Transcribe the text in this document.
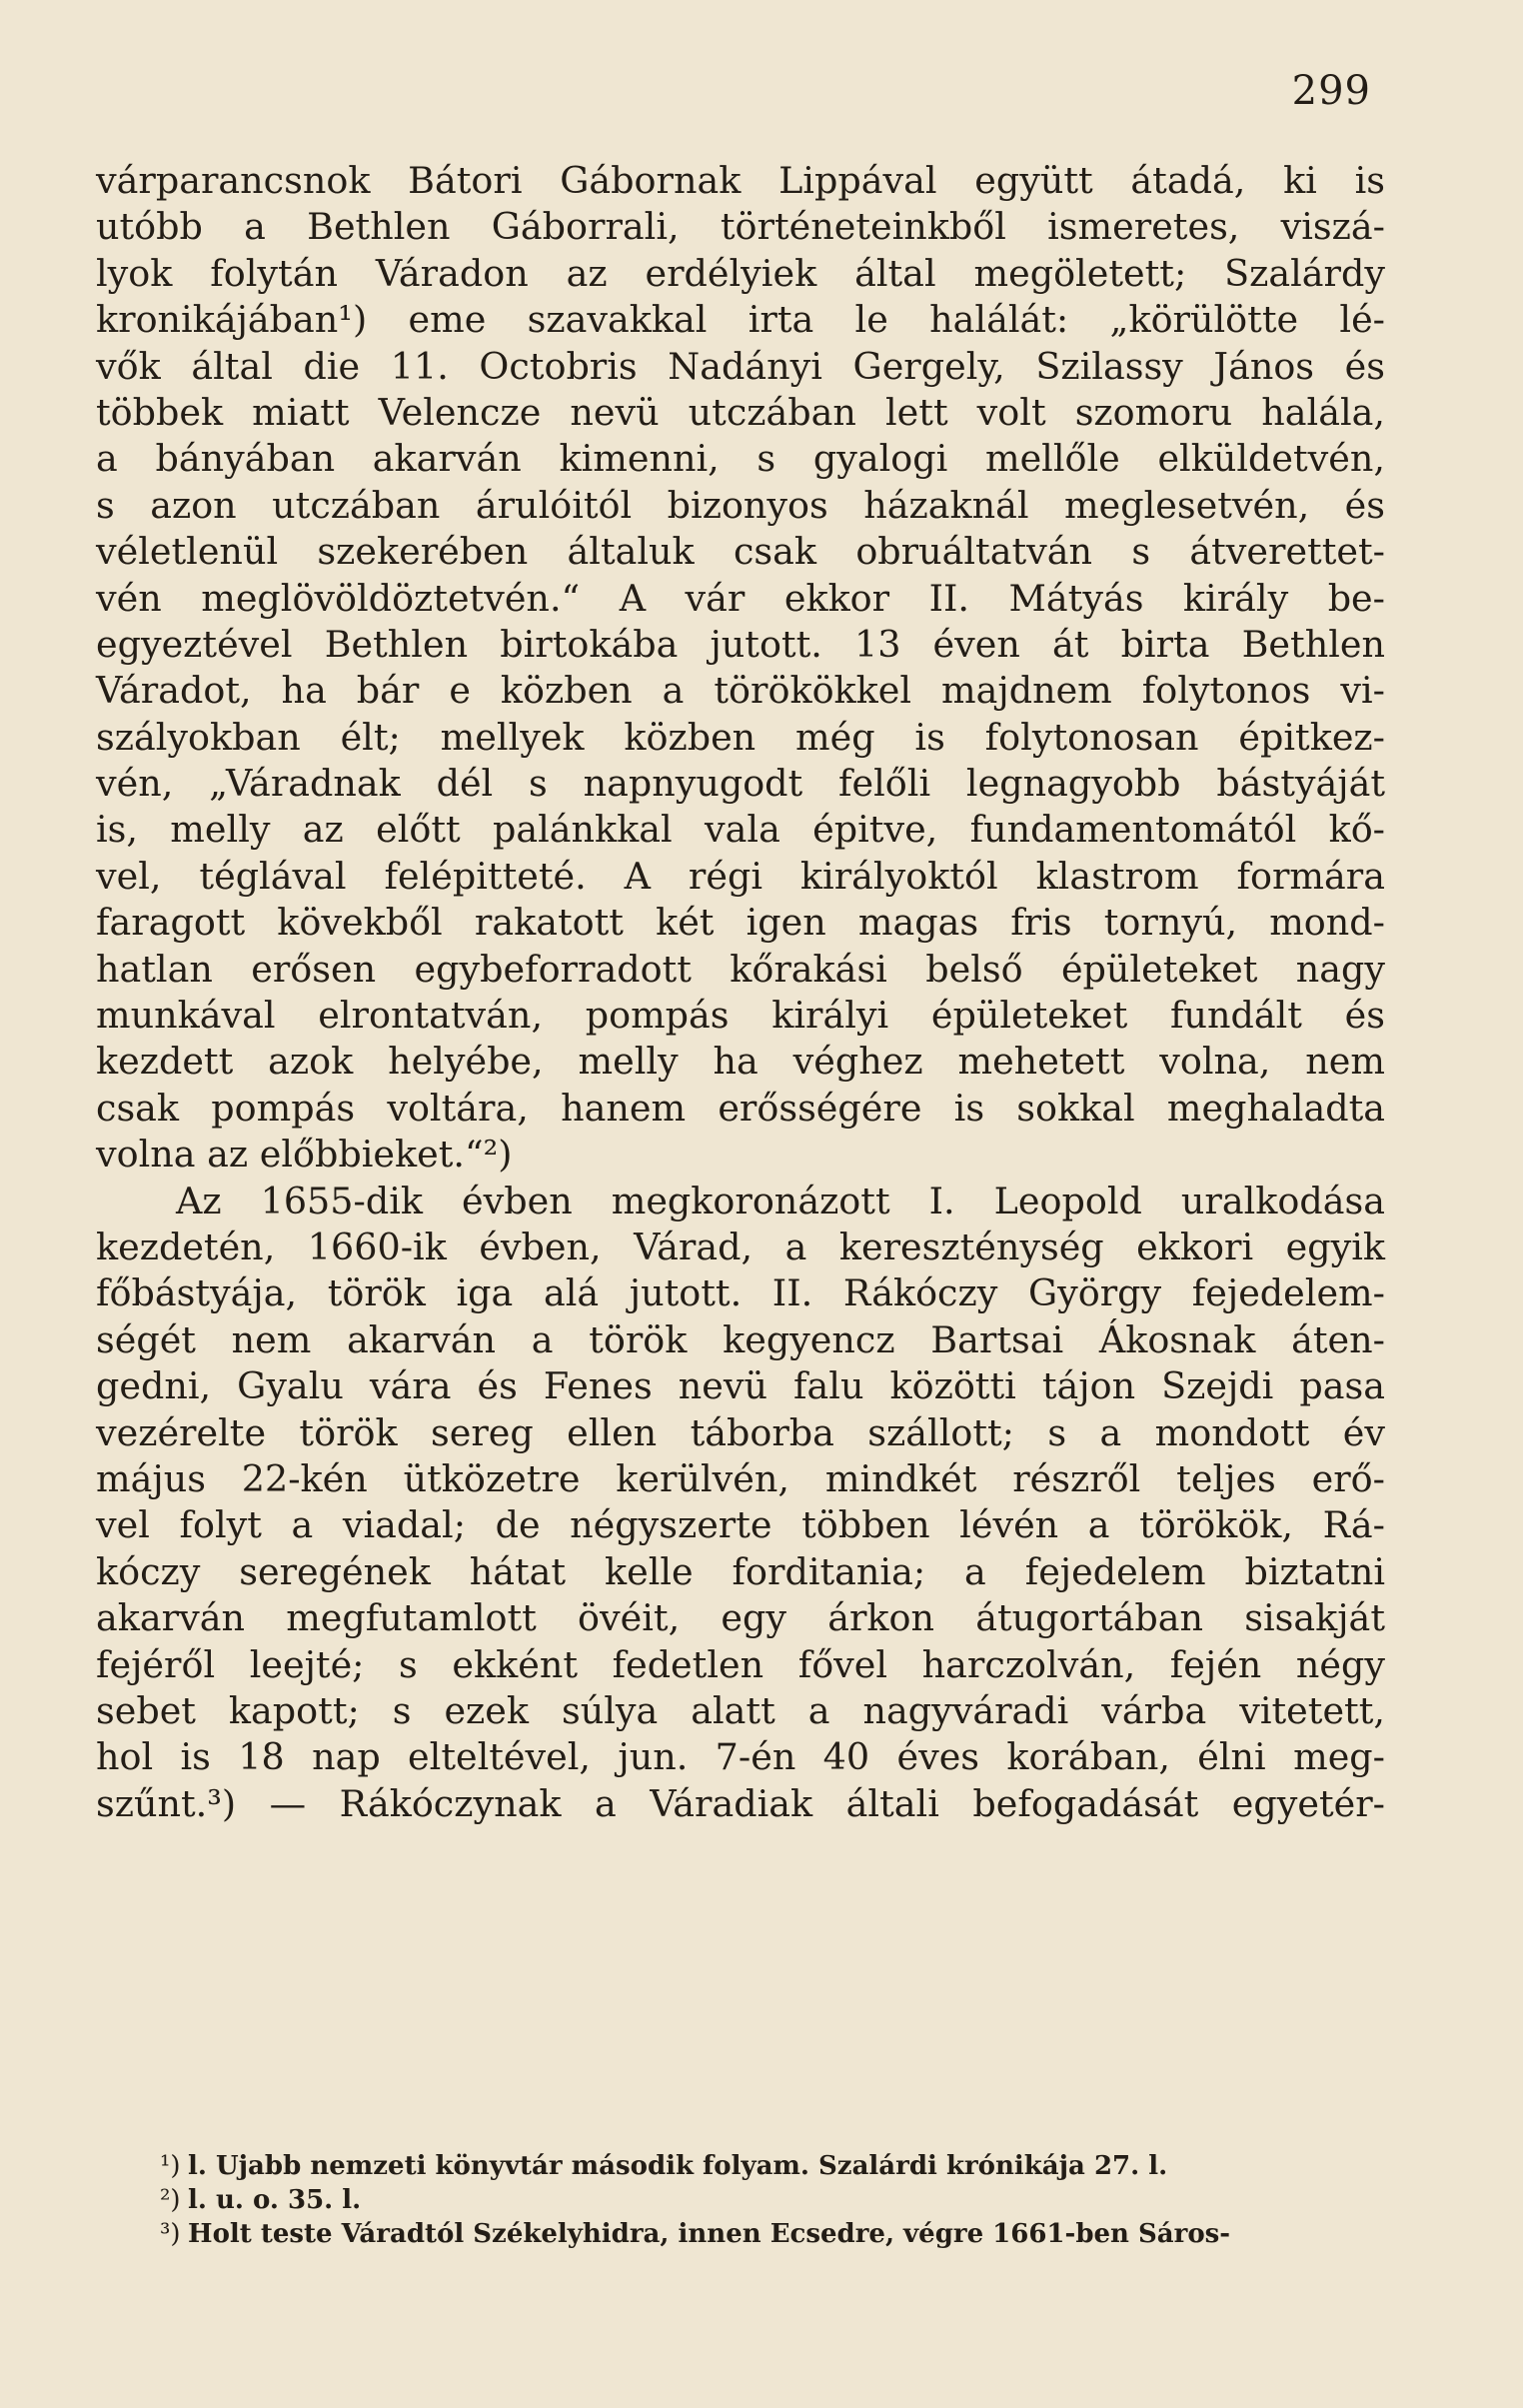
299
várparancsnok Bátori Gábornak Lippával együtt átadá, ki is
utóbb a Bethlen Gáborrali, történeteinkből ismeretes, viszá-
lyok folytán Váradon az erdélyiek által megöletett; Szalárdy
kronikájában¹) eme szavakkal irta le halálát: „körülötte lé-
vők által die 11. Octobris Nadányi Gergely, Szilassy János és
többek miatt Velencze nevü utczában lett volt szomoru halála,
a bányában akarván kimenni, s gyalogi mellőle elküldetvén,
s azon utczában árulóitól bizonyos házaknál meglesetvén, és
véletlenül szekerében általuk csak obruáltatván s átverettet-
vén meglövöldöztetvén.“ A vár ekkor II. Mátyás király be-
egyeztével Bethlen birtokába jutott. 13 éven át birta Bethlen
Váradot, ha bár e közben a törökökkel majdnem folytonos vi-
szályokban élt; mellyek közben még is folytonosan épitkez-
vén, „Váradnak dél s napnyugodt felőli legnagyobb bástyáját
is, melly az előtt palánkkal vala épitve, fundamentomától kő-
vel, téglával felépitteté. A régi királyoktól klastrom formára
faragott kövekből rakatott két igen magas fris tornyú, mond-
hatlan erősen egybeforradott kőrakási belső épületeket nagy
munkával elrontatván, pompás királyi épületeket fundált és
kezdett azok helyébe, melly ha véghez mehetett volna, nem
csak pompás voltára, hanem erősségére is sokkal meghaladta
volna az előbbieket.“²)
Az 1655-dik évben megkoronázott I. Leopold uralkodása
kezdetén, 1660-ik évben, Várad, a kereszténység ekkori egyik
főbástyája, török iga alá jutott. II. Rákóczy György fejedelem-
ségét nem akarván a török kegyencz Bartsai Ákosnak áten-
gedni, Gyalu vára és Fenes nevü falu közötti tájon Szejdi pasa
vezérelte török sereg ellen táborba szállott; s a mondott év
május 22-kén ütközetre kerülvén, mindkét részről teljes erő-
vel folyt a viadal; de négyszerte többen lévén a törökök, Rá-
kóczy seregének hátat kelle forditania; a fejedelem biztatni
akarván megfutamlott övéit, egy árkon átugortában sisakját
fejéről leejté; s ekként fedetlen fővel harczolván, fején négy
sebet kapott; s ezek súlya alatt a nagyváradi várba vitetett,
hol is 18 nap elteltével, jun. 7-én 40 éves korában, élni meg-
szűnt.³) — Rákóczynak a Váradiak általi befogadását egyetér-
¹) l. Ujabb nemzeti könyvtár második folyam. Szalárdi krónikája 27. l.
²) l. u. o. 35. l.
³) Holt teste Váradtól Székelyhidra, innen Ecsedre, végre 1661-ben Sáros-
